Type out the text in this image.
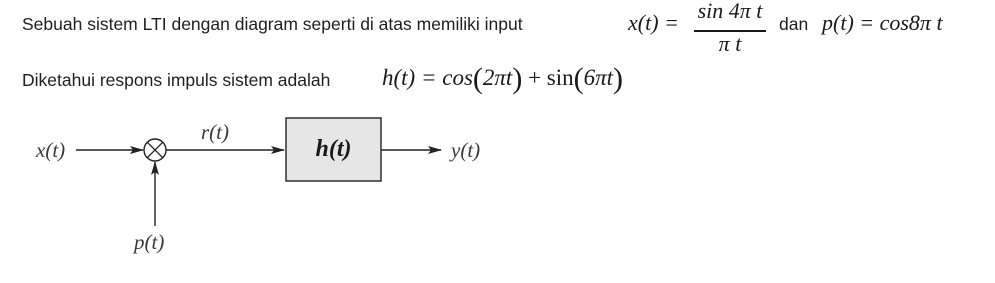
Sebuah sistem LTI dengan diagram seperti di atas memiliki input	x(t) = sin 4π t
π t
dan p(t) = cos8π t
Diketahui respons impuls sistem adalah h(t) = cos(2πt) + sin(6πt)
x(t)
r(t)
h(t)	y(t)
p(t)
